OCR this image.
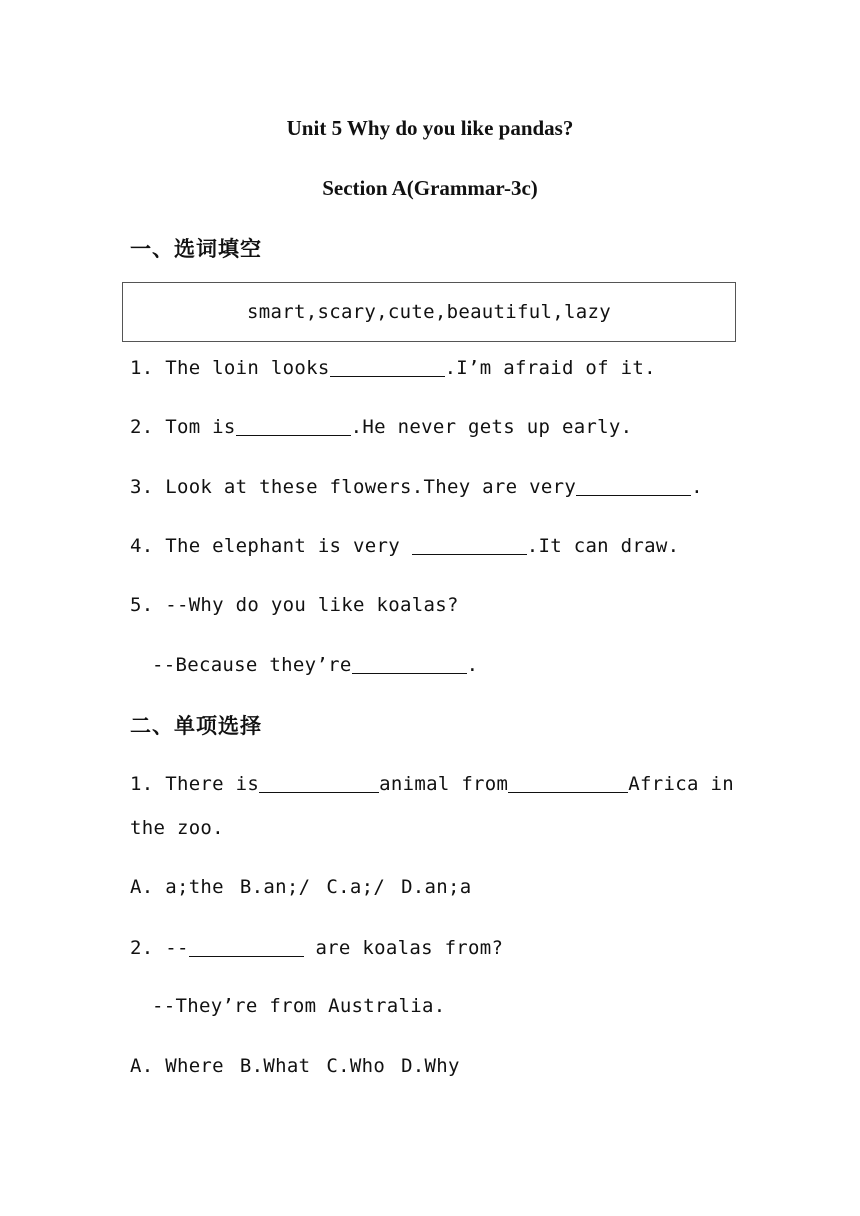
Unit 5 Why do you like pandas?
Section A(Grammar-3c)
一、选词填空
smart,scary,cute,beautiful,lazy
1. The loin looks	.I’m afraid of it.
2. Tom is	.He never gets up early.
3. Look at these flowers.They are very	.
4. The elephant is very	.It can draw.
5. --Why do you like koalas?
--Because they’re	.
二、单项选择
1. There is	animal from	Africa in
the zoo.
A. a;the B.an;/ C.a;/ D.an;a
2. --	are koalas from?
--They’re from Australia.
A. Where B.What C.Who D.Why
